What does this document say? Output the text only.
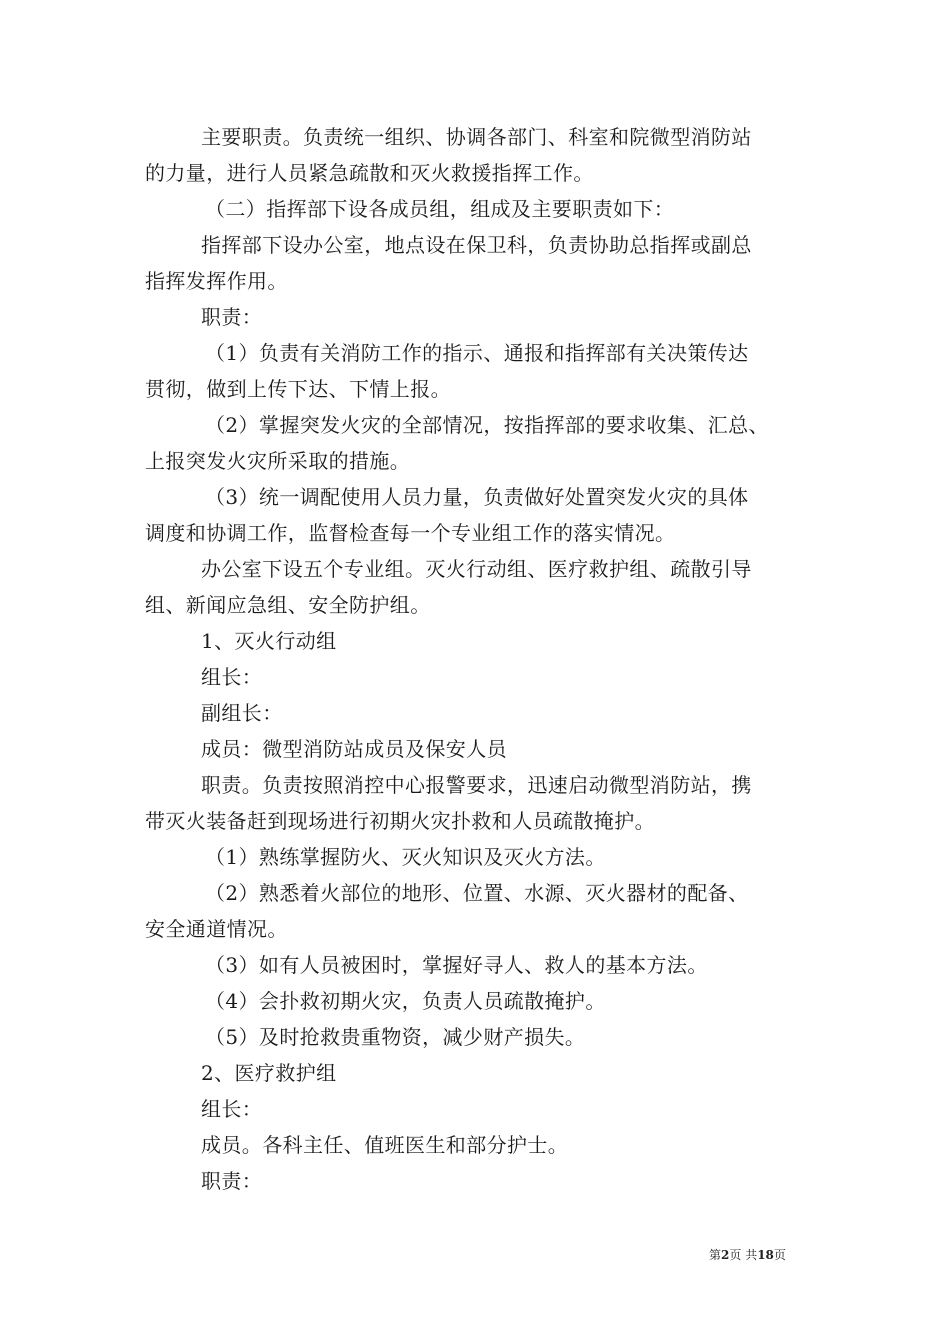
主要职责。负责统一组织、协调各部门、科室和院微型消防站
的力量，进行人员紧急疏散和灭火救援指挥工作。
（二）指挥部下设各成员组，组成及主要职责如下：
指挥部下设办公室，地点设在保卫科，负责协助总指挥或副总
指挥发挥作用。
职责：
（1）负责有关消防工作的指示、通报和指挥部有关决策传达
贯彻，做到上传下达、下情上报。
（2）掌握突发火灾的全部情况，按指挥部的要求收集、汇总、
上报突发火灾所采取的措施。
（3）统一调配使用人员力量，负责做好处置突发火灾的具体
调度和协调工作，监督检查每一个专业组工作的落实情况。
办公室下设五个专业组。灭火行动组、医疗救护组、疏散引导
组、新闻应急组、安全防护组。
1、灭火行动组
组长：
副组长：
成员：微型消防站成员及保安人员
职责。负责按照消控中心报警要求，迅速启动微型消防站，携
带灭火装备赶到现场进行初期火灾扑救和人员疏散掩护。
（1）熟练掌握防火、灭火知识及灭火方法。
（2）熟悉着火部位的地形、位置、水源、灭火器材的配备、
安全通道情况。
（3）如有人员被困时，掌握好寻人、救人的基本方法。
（4）会扑救初期火灾，负责人员疏散掩护。
（5）及时抢救贵重物资，减少财产损失。
2、医疗救护组
组长：
成员。各科主任、值班医生和部分护士。
职责：
第2页 共18页
